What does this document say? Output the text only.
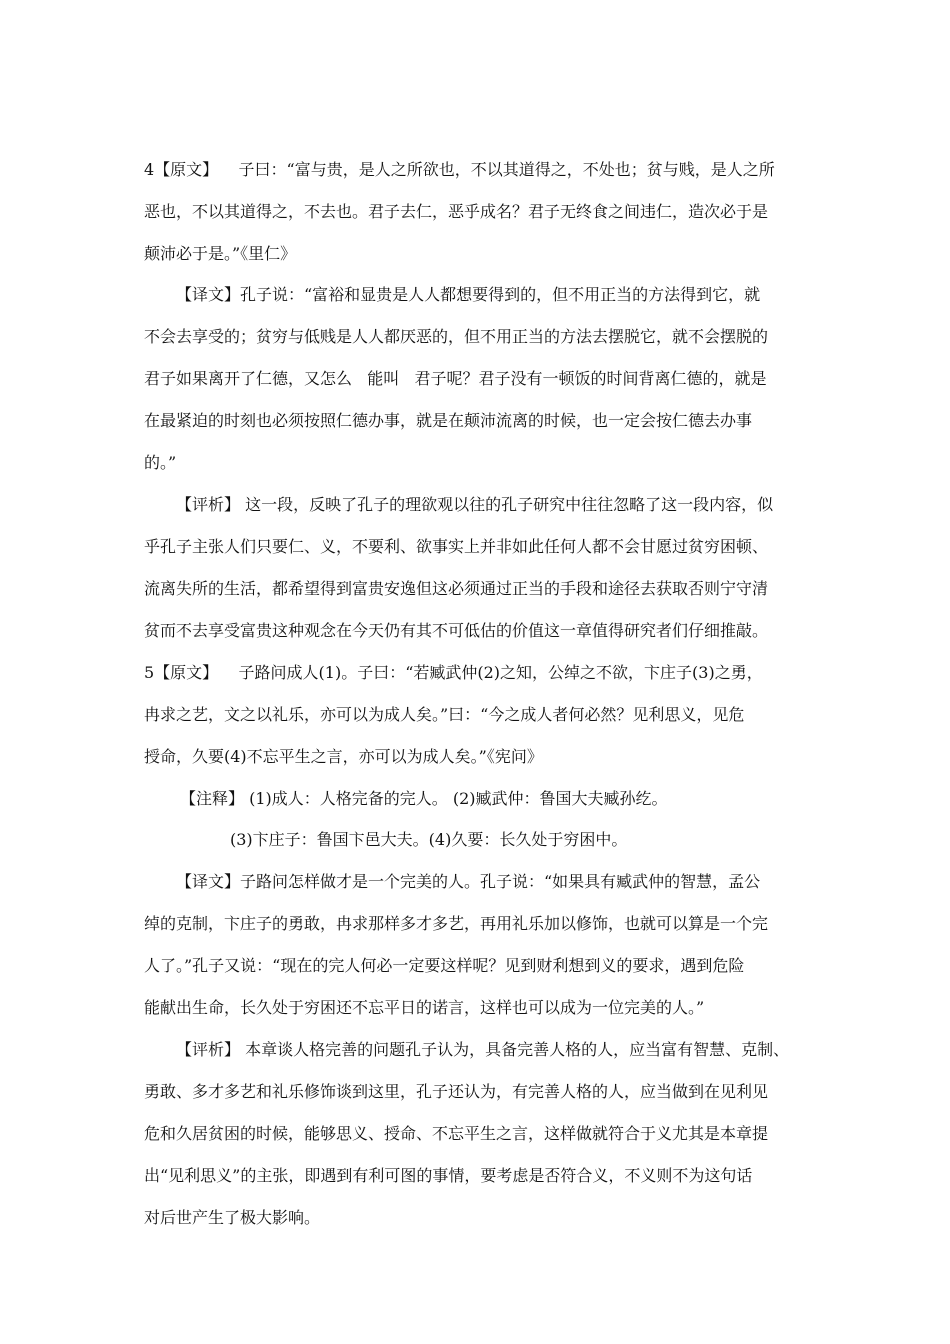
4【原文】    子曰：“富与贵，是人之所欲也，不以其道得之，不处也；贫与贱，是人之所
恶也，不以其道得之，不去也。君子去仁，恶乎成名？君子无终食之间违仁，造次必于是
颠沛必于是。”《里仁》
【译文】孔子说：“富裕和显贵是人人都想要得到的，但不用正当的方法得到它，就
不会去享受的；贫穷与低贱是人人都厌恶的，但不用正当的方法去摆脱它，就不会摆脱的
君子如果离开了仁德，又怎么   能叫   君子呢？君子没有一顿饭的时间背离仁德的，就是
在最紧迫的时刻也必须按照仁德办事，就是在颠沛流离的时候，也一定会按仁德去办事
的。”
【评析】 这一段，反映了孔子的理欲观以往的孔子研究中往往忽略了这一段内容，似
乎孔子主张人们只要仁、义，不要利、欲事实上并非如此任何人都不会甘愿过贫穷困顿、
流离失所的生活，都希望得到富贵安逸但这必须通过正当的手段和途径去获取否则宁守清
贫而不去享受富贵这种观念在今天仍有其不可低估的价值这一章值得研究者们仔细推敲。
5【原文】    子路问成人(1)。子曰：“若臧武仲(2)之知，公绰之不欲，卞庄子(3)之勇，
冉求之艺，文之以礼乐，亦可以为成人矣。”曰：“今之成人者何必然？见利思义，见危
授命，久要(4)不忘平生之言，亦可以为成人矣。”《宪问》
【注释】 (1)成人：人格完备的完人。 (2)臧武仲：鲁国大夫臧孙纥。
(3)卞庄子：鲁国卞邑大夫。(4)久要：长久处于穷困中。
【译文】子路问怎样做才是一个完美的人。孔子说：“如果具有臧武仲的智慧，孟公
绰的克制，卞庄子的勇敢，冉求那样多才多艺，再用礼乐加以修饰，也就可以算是一个完
人了。”孔子又说：“现在的完人何必一定要这样呢？见到财利想到义的要求，遇到危险
能献出生命，长久处于穷困还不忘平日的诺言，这样也可以成为一位完美的人。”
【评析】 本章谈人格完善的问题孔子认为，具备完善人格的人，应当富有智慧、克制、
勇敢、多才多艺和礼乐修饰谈到这里，孔子还认为，有完善人格的人，应当做到在见利见
危和久居贫困的时候，能够思义、授命、不忘平生之言，这样做就符合于义尤其是本章提
出“见利思义”的主张，即遇到有利可图的事情，要考虑是否符合义，不义则不为这句话
对后世产生了极大影响。
